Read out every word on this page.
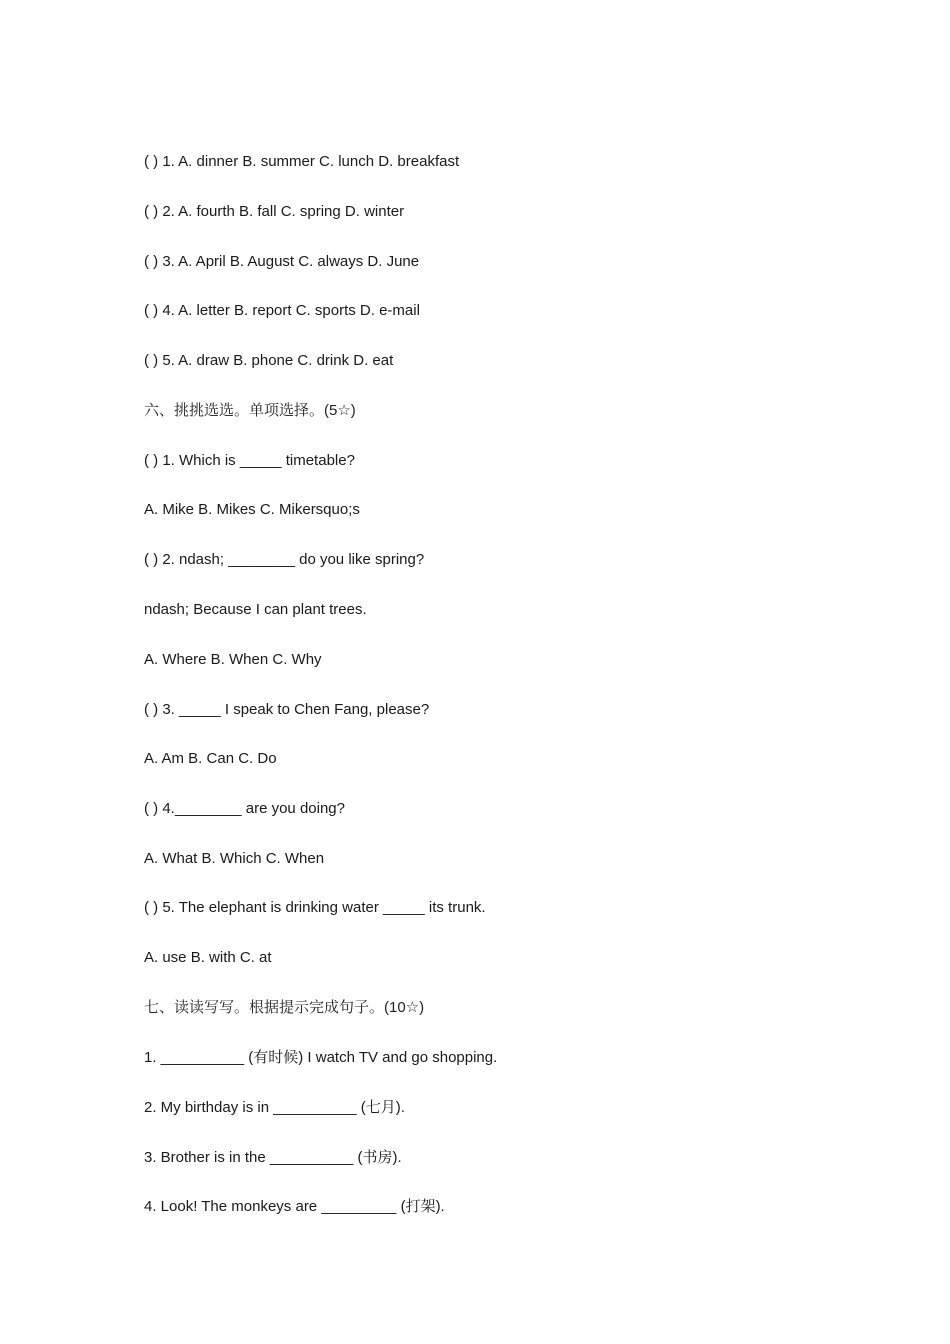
( ) 1. A. dinner B. summer C. lunch D. breakfast
( ) 2. A. fourth B. fall C. spring D. winter
( ) 3. A. April B. August C. always D. June
( ) 4. A. letter B. report C. sports D. e-mail
( ) 5. A. draw B. phone C. drink D. eat
六、挑挑选选。单项选择。(5☆)
( ) 1. Which is _____ timetable?
A. Mike B. Mikes C. Mikersquo;s
( ) 2. ndash; ________ do you like spring?
ndash; Because I can plant trees.
A. Where B. When C. Why
( ) 3. _____ I speak to Chen Fang, please?
A. Am B. Can C. Do
( ) 4.________ are you doing?
A. What B. Which C. When
( ) 5. The elephant is drinking water _____ its trunk.
A. use B. with C. at
七、读读写写。根据提示完成句子。(10☆)
1. __________ (有时候) I watch TV and go shopping.
2. My birthday is in __________ (七月).
3. Brother is in the __________ (书房).
4. Look! The monkeys are _________ (打架).
